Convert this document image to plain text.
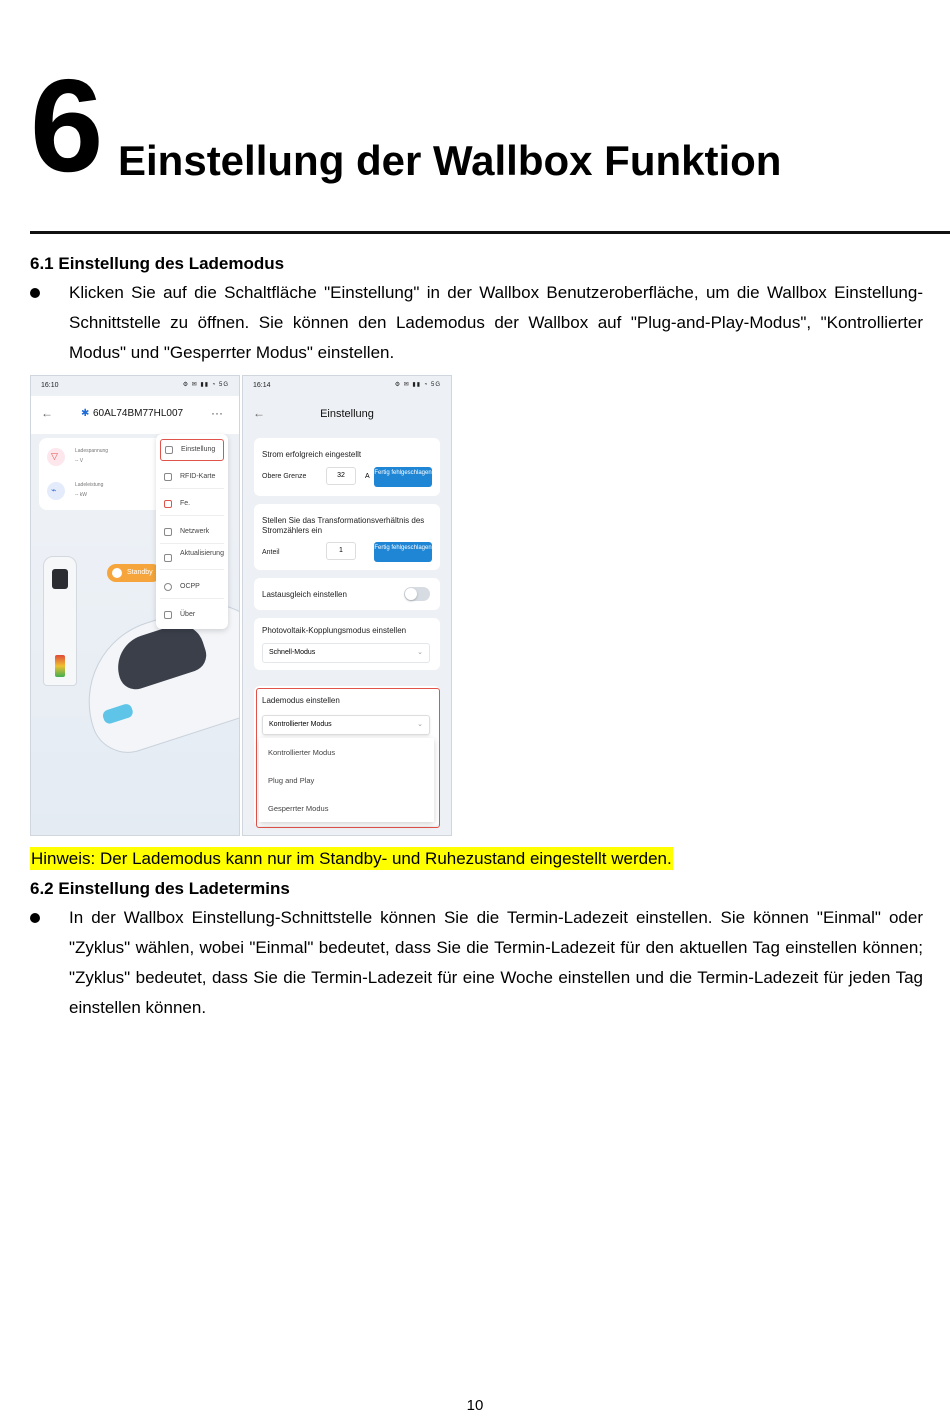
6 Einstellung der Wallbox Funktion
6.1 Einstellung des Lademodus
Klicken Sie auf die Schaltfläche "Einstellung" in der Wallbox Benutzeroberfläche, um die Wallbox Einstellung-Schnittstelle zu öffnen. Sie können den Lademodus der Wallbox auf "Plug-and-Play-Modus", "Kontrollierter Modus" und "Gesperrter Modus" einstellen.
16:10	⚙ ✉ ▮▮ ◔ 5G
←	✱ 60AL74BM77HL007 ···
▽	Ladespannung
-- V
⌁	Ladeleistung
-- kW
Standby
Einstellung
RFID-Karte
Fe.
Netzwerk
Aktualisierung
OCPP
Über
16:14	⚙ ✉ ▮▮ ◔ 5G
←	Einstellung
Strom erfolgreich eingestellt
Obere Grenze	32	A Fertig fehlgeschlagen
Stellen Sie das Transformationsverhältnis des Stromzählers ein
Anteil	1	Fertig fehlgeschlagen
Lastausgleich einstellen
Photovoltaik-Kopplungsmodus einstellen
Schnell-Modus	⌄
Lademodus einstellen
Kontrollierter Modus	⌄
Kontrollierter Modus
Plug and Play
Gesperrter Modus
Hinweis: Der Lademodus kann nur im Standby- und Ruhezustand eingestellt werden.
6.2 Einstellung des Ladetermins
In der Wallbox Einstellung-Schnittstelle können Sie die Termin-Ladezeit einstellen. Sie können "Einmal" oder "Zyklus" wählen, wobei "Einmal" bedeutet, dass Sie die Termin-Ladezeit für den aktuellen Tag einstellen können; "Zyklus" bedeutet, dass Sie die Termin-Ladezeit für eine Woche einstellen und die Termin-Ladezeit für jeden Tag einstellen können.
10
